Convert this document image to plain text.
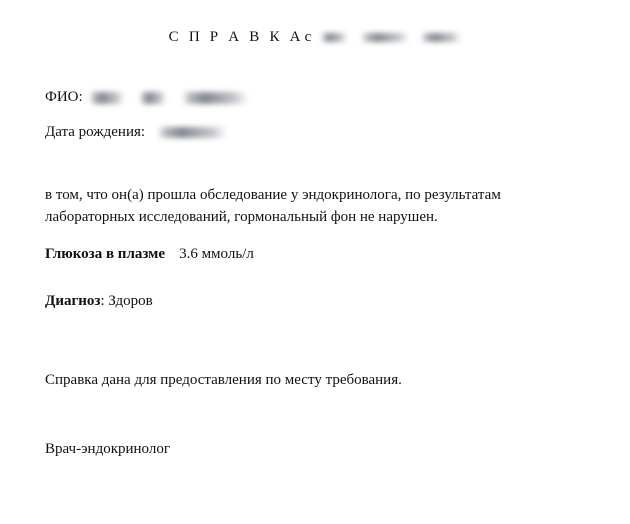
С П Р А В К Ас
ФИО:
Дата рождения:
в том, что он(а) прошла обследование у эндокринолога, по результатам лабораторных исследований, гормональный фон не нарушен.
Глюкоза в плазме 3.6 ммоль/л
Диагноз: Здоров
Справка дана для предоставления по месту требования.
Врач-эндокринолог
